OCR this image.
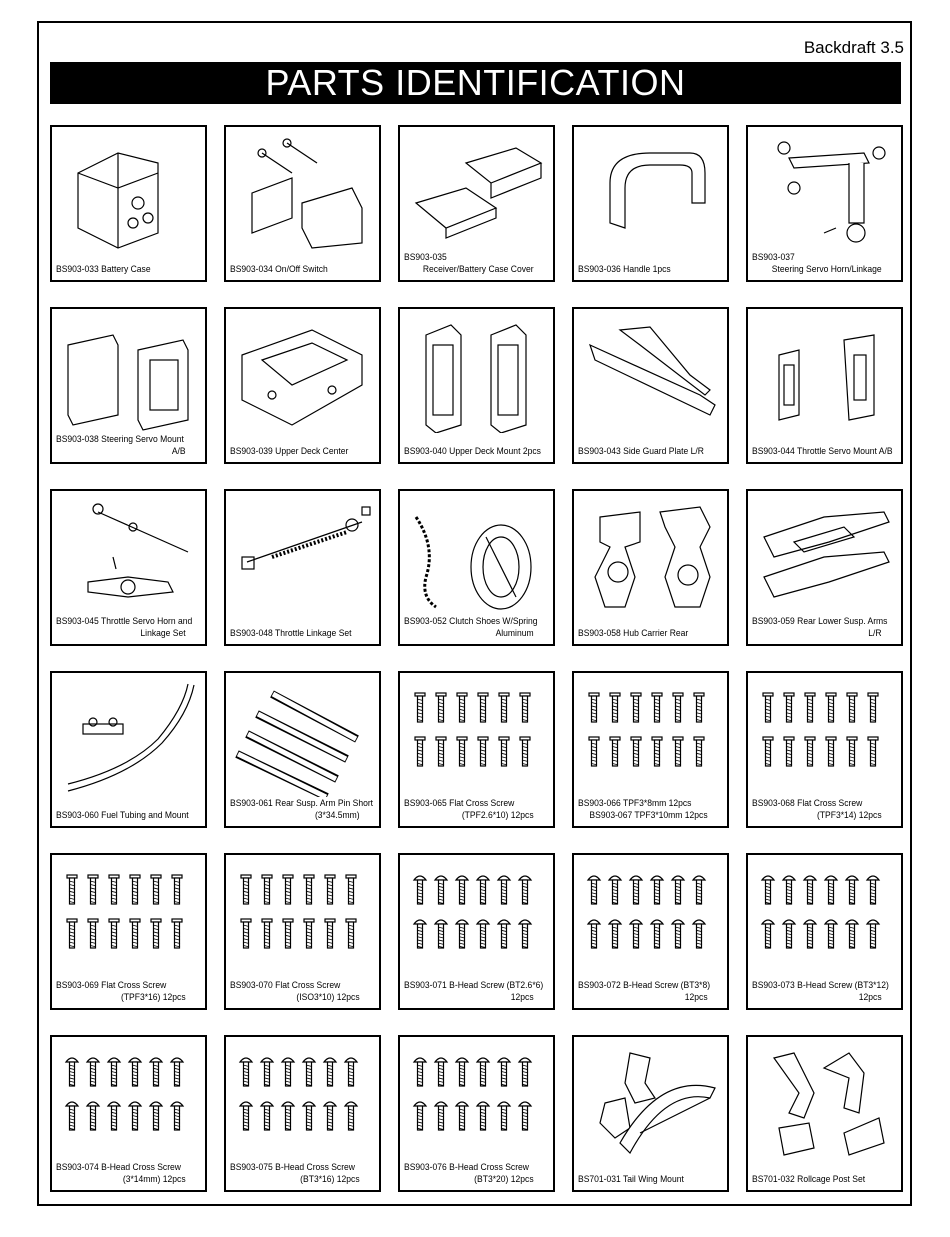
Backdraft 3.5
PARTS IDENTIFICATION
BS903-033 Battery Case	BS903-034 On/Off Switch
BS903-035
Receiver/Battery Case Cover	BS903-036 Handle 1pcs
BS903-037
Steering Servo Horn/Linkage
BS903-038 Steering Servo Mount
A/B	BS903-039 Upper Deck Center	BS903-040 Upper Deck Mount 2pcs	BS903-043 Side Guard Plate L/R	BS903-044 Throttle Servo Mount A/B
BS903-045 Throttle Servo Horn and
Linkage Set	BS903-048 Throttle Linkage Set
BS903-052 Clutch Shoes W/Spring
Aluminum	BS903-058 Hub Carrier Rear
BS903-059 Rear Lower Susp. Arms
L/R
BS903-060 Fuel Tubing and Mount
BS903-061 Rear Susp. Arm Pin Short
(3*34.5mm)
BS903-065 Flat Cross Screw
(TPF2.6*10) 12pcs
BS903-066 TPF3*8mm 12pcs
BS903-067 TPF3*10mm 12pcs
BS903-068 Flat Cross Screw
(TPF3*14) 12pcs
BS903-069 Flat Cross Screw
(TPF3*16) 12pcs
BS903-070 Flat Cross Screw
(ISO3*10) 12pcs
BS903-071 B-Head Screw (BT2.6*6)
12pcs
BS903-072 B-Head Screw (BT3*8)
12pcs
BS903-073 B-Head Screw (BT3*12)
12pcs
BS903-074 B-Head Cross Screw
(3*14mm) 12pcs
BS903-075 B-Head Cross Screw
(BT3*16) 12pcs
BS903-076 B-Head Cross Screw
(BT3*20) 12pcs	BS701-031 Tail Wing Mount	BS701-032 Rollcage Post Set
